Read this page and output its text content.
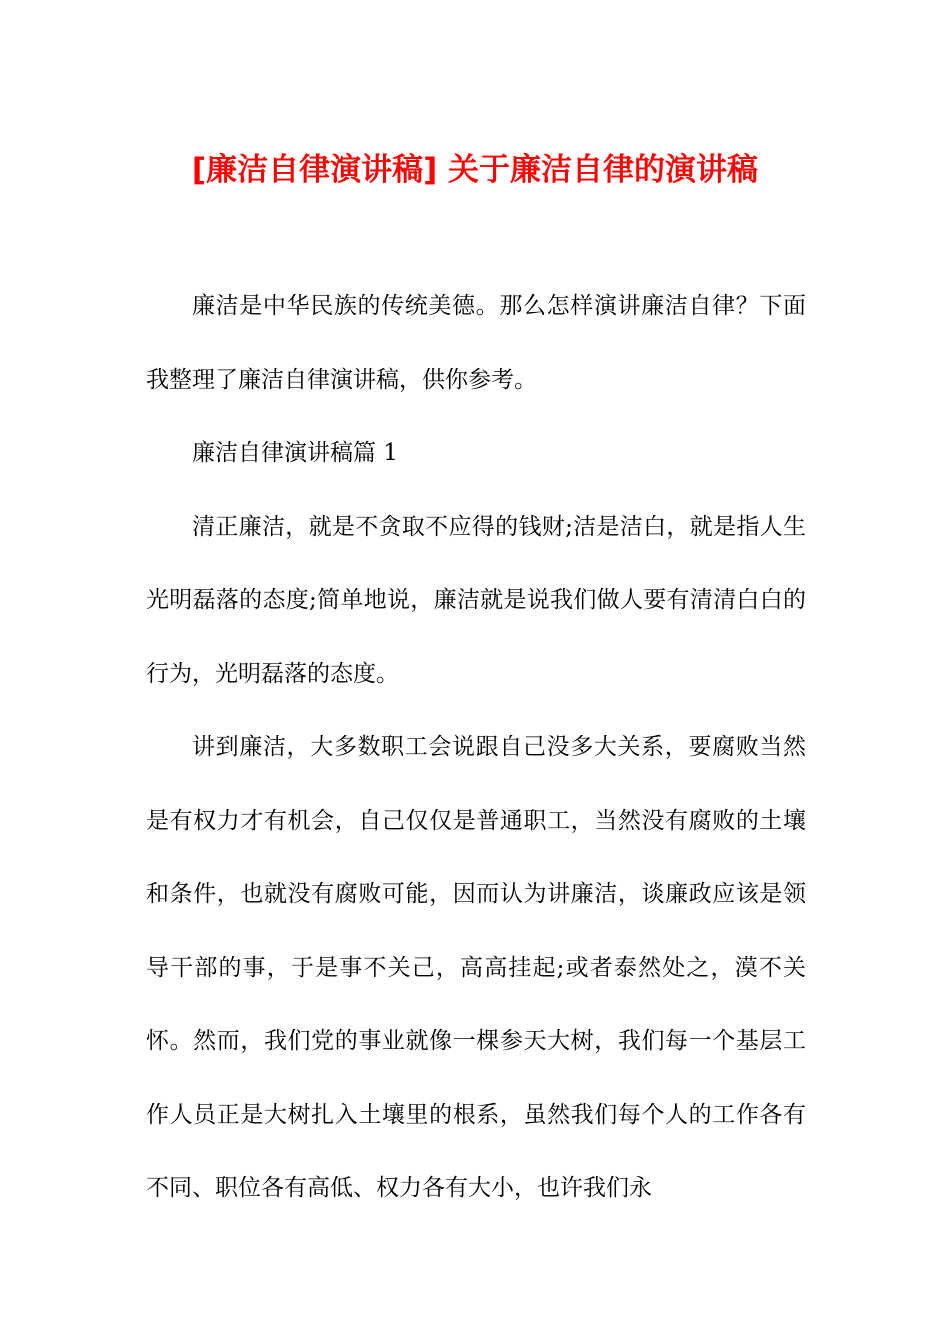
[廉洁自律演讲稿] 关于廉洁自律的演讲稿

廉洁是中华民族的传统美德。那么怎样演讲廉洁自律？下面我整理了廉洁自律演讲稿，供你参考。

廉洁自律演讲稿篇 1

清正廉洁，就是不贪取不应得的钱财;洁是洁白，就是指人生光明磊落的态度;简单地说，廉洁就是说我们做人要有清清白白的行为，光明磊落的态度。

讲到廉洁，大多数职工会说跟自己没多大关系，要腐败当然是有权力才有机会，自己仅仅是普通职工，当然没有腐败的土壤和条件，也就没有腐败可能，因而认为讲廉洁，谈廉政应该是领导干部的事，于是事不关己，高高挂起;或者泰然处之，漠不关怀。然而，我们党的事业就像一棵参天大树，我们每一个基层工作人员正是大树扎入土壤里的根系，虽然我们每个人的工作各有不同、职位各有高低、权力各有大小，也许我们永
